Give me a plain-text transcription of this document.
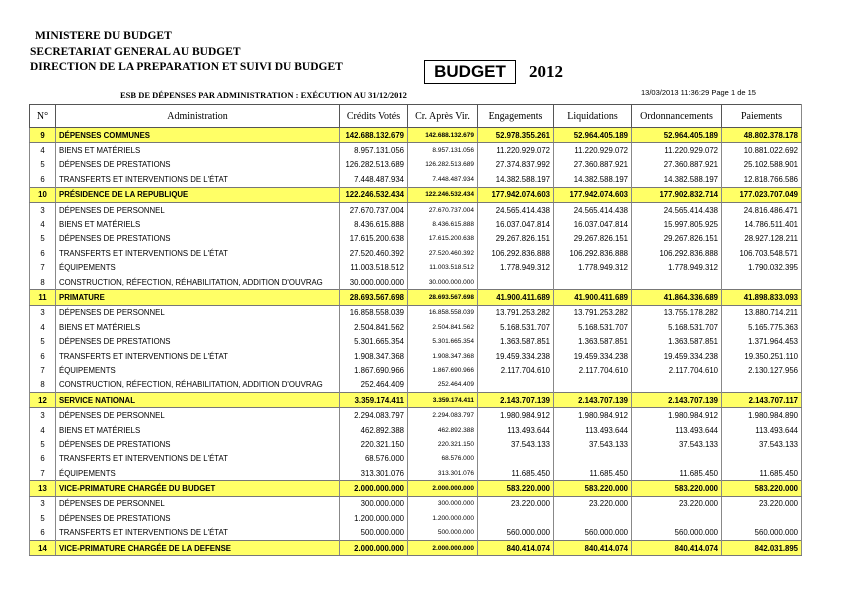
MINISTERE DU BUDGET
SECRETARIAT GENERAL AU BUDGET
DIRECTION DE LA PREPARATION ET SUIVI DU BUDGET	BUDGET	2012
13/03/2013 11:36:29 Page 1 de 15
ESB DE DÉPENSES PAR ADMINISTRATION : EXÉCUTION AU 31/12/2012
N°	Administration	Crédits Votés	Cr. Après Vir.	Engagements	Liquidations	Ordonnancements	Paiements
9	DÉPENSES COMMUNES	142.688.132.679	142.688.132.679	52.978.355.261	52.964.405.189	52.964.405.189	48.802.378.178
4	BIENS ET MATÉRIELS	8.957.131.056	8.957.131.056	11.220.929.072	11.220.929.072	11.220.929.072	10.881.022.692
5	DÉPENSES DE PRESTATIONS	126.282.513.689	126.282.513.689	27.374.837.992	27.360.887.921	27.360.887.921	25.102.588.901
6	TRANSFERTS ET INTERVENTIONS DE L'ÉTAT	7.448.487.934	7.448.487.934	14.382.588.197	14.382.588.197	14.382.588.197	12.818.766.586
10	PRÉSIDENCE DE LA REPUBLIQUE	122.246.532.434	122.246.532.434	177.942.074.603	177.942.074.603	177.902.832.714	177.023.707.049
3	DÉPENSES DE PERSONNEL	27.670.737.004	27.670.737.004	24.565.414.438	24.565.414.438	24.565.414.438	24.816.486.471
4	BIENS ET MATÉRIELS	8.436.615.888	8.436.615.888	16.037.047.814	16.037.047.814	15.997.805.925	14.786.511.401
5	DÉPENSES DE PRESTATIONS	17.615.200.638	17.615.200.638	29.267.826.151	29.267.826.151	29.267.826.151	28.927.128.211
6	TRANSFERTS ET INTERVENTIONS DE L'ÉTAT	27.520.460.392	27.520.460.392	106.292.836.888	106.292.836.888	106.292.836.888	106.703.548.571
7	ÉQUIPEMENTS	11.003.518.512	11.003.518.512	1.778.949.312	1.778.949.312	1.778.949.312	1.790.032.395
8	CONSTRUCTION, RÉFECTION, RÉHABILITATION, ADDITION D'OUVRAG	30.000.000.000	30.000.000.000				
11	PRIMATURE	28.693.567.698	28.693.567.698	41.900.411.689	41.900.411.689	41.864.336.689	41.898.833.093
3	DÉPENSES DE PERSONNEL	16.858.558.039	16.858.558.039	13.791.253.282	13.791.253.282	13.755.178.282	13.880.714.211
4	BIENS ET MATÉRIELS	2.504.841.562	2.504.841.562	5.168.531.707	5.168.531.707	5.168.531.707	5.165.775.363
5	DÉPENSES DE PRESTATIONS	5.301.665.354	5.301.665.354	1.363.587.851	1.363.587.851	1.363.587.851	1.371.964.453
6	TRANSFERTS ET INTERVENTIONS DE L'ÉTAT	1.908.347.368	1.908.347.368	19.459.334.238	19.459.334.238	19.459.334.238	19.350.251.110
7	ÉQUIPEMENTS	1.867.690.966	1.867.690.966	2.117.704.610	2.117.704.610	2.117.704.610	2.130.127.956
8	CONSTRUCTION, RÉFECTION, RÉHABILITATION, ADDITION D'OUVRAG	252.464.409	252.464.409				
12	SERVICE NATIONAL	3.359.174.411	3.359.174.411	2.143.707.139	2.143.707.139	2.143.707.139	2.143.707.117
3	DÉPENSES DE PERSONNEL	2.294.083.797	2.294.083.797	1.980.984.912	1.980.984.912	1.980.984.912	1.980.984.890
4	BIENS ET MATÉRIELS	462.892.388	462.892.388	113.493.644	113.493.644	113.493.644	113.493.644
5	DÉPENSES DE PRESTATIONS	220.321.150	220.321.150	37.543.133	37.543.133	37.543.133	37.543.133
6	TRANSFERTS ET INTERVENTIONS DE L'ÉTAT	68.576.000	68.576.000				
7	ÉQUIPEMENTS	313.301.076	313.301.076	11.685.450	11.685.450	11.685.450	11.685.450
13	VICE-PRIMATURE CHARGÉE DU BUDGET	2.000.000.000	2.000.000.000	583.220.000	583.220.000	583.220.000	583.220.000
3	DÉPENSES DE PERSONNEL	300.000.000	300.000.000	23.220.000	23.220.000	23.220.000	23.220.000
5	DÉPENSES DE PRESTATIONS	1.200.000.000	1.200.000.000				
6	TRANSFERTS ET INTERVENTIONS DE L'ÉTAT	500.000.000	500.000.000	560.000.000	560.000.000	560.000.000	560.000.000
14	VICE-PRIMATURE CHARGÉE DE LA DEFENSE	2.000.000.000	2.000.000.000	840.414.074	840.414.074	840.414.074	842.031.895
